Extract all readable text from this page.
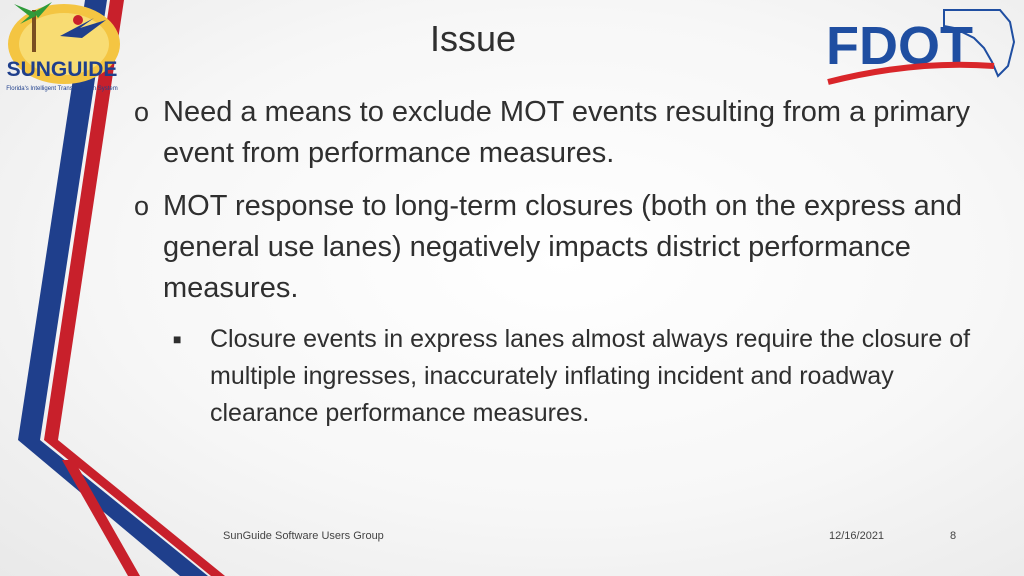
SUNGUIDE
Florida's Intelligent Transportation System
FDOT
Issue
o Need a means to exclude MOT events resulting from a primary event from performance measures.
o MOT response to long-term closures (both on the express and general use lanes) negatively impacts district performance measures.
■ Closure events in express lanes almost always require the closure of multiple ingresses, inaccurately inflating incident and roadway clearance performance measures.
SunGuide Software Users Group	12/16/2021	8
